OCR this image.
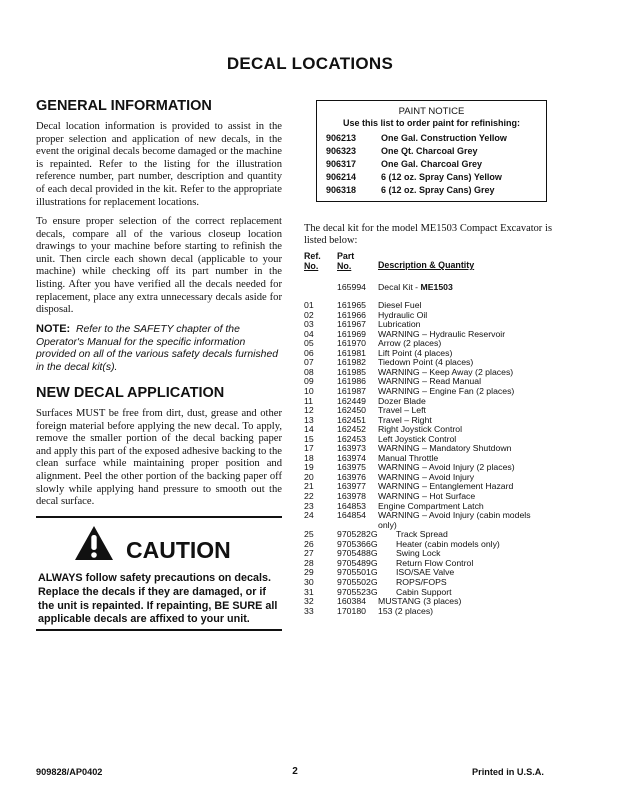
DECAL LOCATIONS
GENERAL INFORMATION
Decal location information is provided to assist in the proper selection and application of new decals, in the event the original decals become damaged or the machine is repainted. Refer to the listing for the illustration reference number, part number, description and quantity of each decal provided in the kit. Refer to the appropriate illustrations for replacement locations.
To ensure proper selection of the correct replacement decals, compare all of the various closeup location drawings to your machine before starting to refinish the unit. Then circle each shown decal (applicable to your machine) while checking off its part number in the listing. After you have verified all the decals needed for replacement, place any extra unnecessary decals aside for disposal.
NOTE: Refer to the SAFETY chapter of the Operator's Manual for the specific information provided on all of the various safety decals furnished in the decal kit(s).
NEW DECAL APPLICATION
Surfaces MUST be free from dirt, dust, grease and other foreign material before applying the new decal. To apply, remove the smaller portion of the decal backing paper and apply this part of the exposed adhesive backing to the clean surface while maintaining proper position and alignment. Peel the other portion of the backing paper off slowly while applying hand pressure to smooth out the decal surface.
CAUTION
ALWAYS follow safety precautions on decals. Replace the decals if they are damaged, or if the unit is repainted. If repainting, BE SURE all applicable decals are affixed to your unit.
PAINT NOTICE
Use this list to order paint for refinishing:
906213	One Gal. Construction Yellow
906323	One Qt. Charcoal Grey
906317	One Gal. Charcoal Grey
906214	6 (12 oz. Spray Cans) Yellow
906318	6 (12 oz. Spray Cans) Grey
The decal kit for the model ME1503 Compact Excavator is listed below:
Ref.
No.
Part
No.	Description & Quantity
165994 Decal Kit - ME1503
01	161965 Diesel Fuel
02	161966 Hydraulic Oil
03	161967 Lubrication
04	161969 WARNING – Hydraulic Reservoir
05	161970 Arrow (2 places)
06	161981 Lift Point (4 places)
07	161982 Tiedown Point (4 places)
08	161985 WARNING – Keep Away (2 places)
09	161986 WARNING – Read Manual
10	161987 WARNING – Engine Fan (2 places)
11	162449 Dozer Blade
12	162450 Travel – Left
13	162451 Travel – Right
14	162452 Right Joystick Control
15	162453 Left Joystick Control
17	163973 WARNING – Mandatory Shutdown
18	163974 Manual Throttle
19	163975 WARNING – Avoid Injury (2 places)
20	163976 WARNING – Avoid Injury
21	163977 WARNING – Entanglement Hazard
22	163978 WARNING – Hot Surface
23	164853 Engine Compartment Latch
24	164854 WARNING – Avoid Injury (cabin models only)
25	9705282G Track Spread
26	9705366G Heater (cabin models only)
27	9705488G Swing Lock
28	9705489G Return Flow Control
29	9705501G ISO/SAE Valve
30	9705502G ROPS/FOPS
31	9705523G Cabin Support
32	160384 MUSTANG (3 places)
33	170180 153 (2 places)
909828/AP0402	2	Printed in U.S.A.
